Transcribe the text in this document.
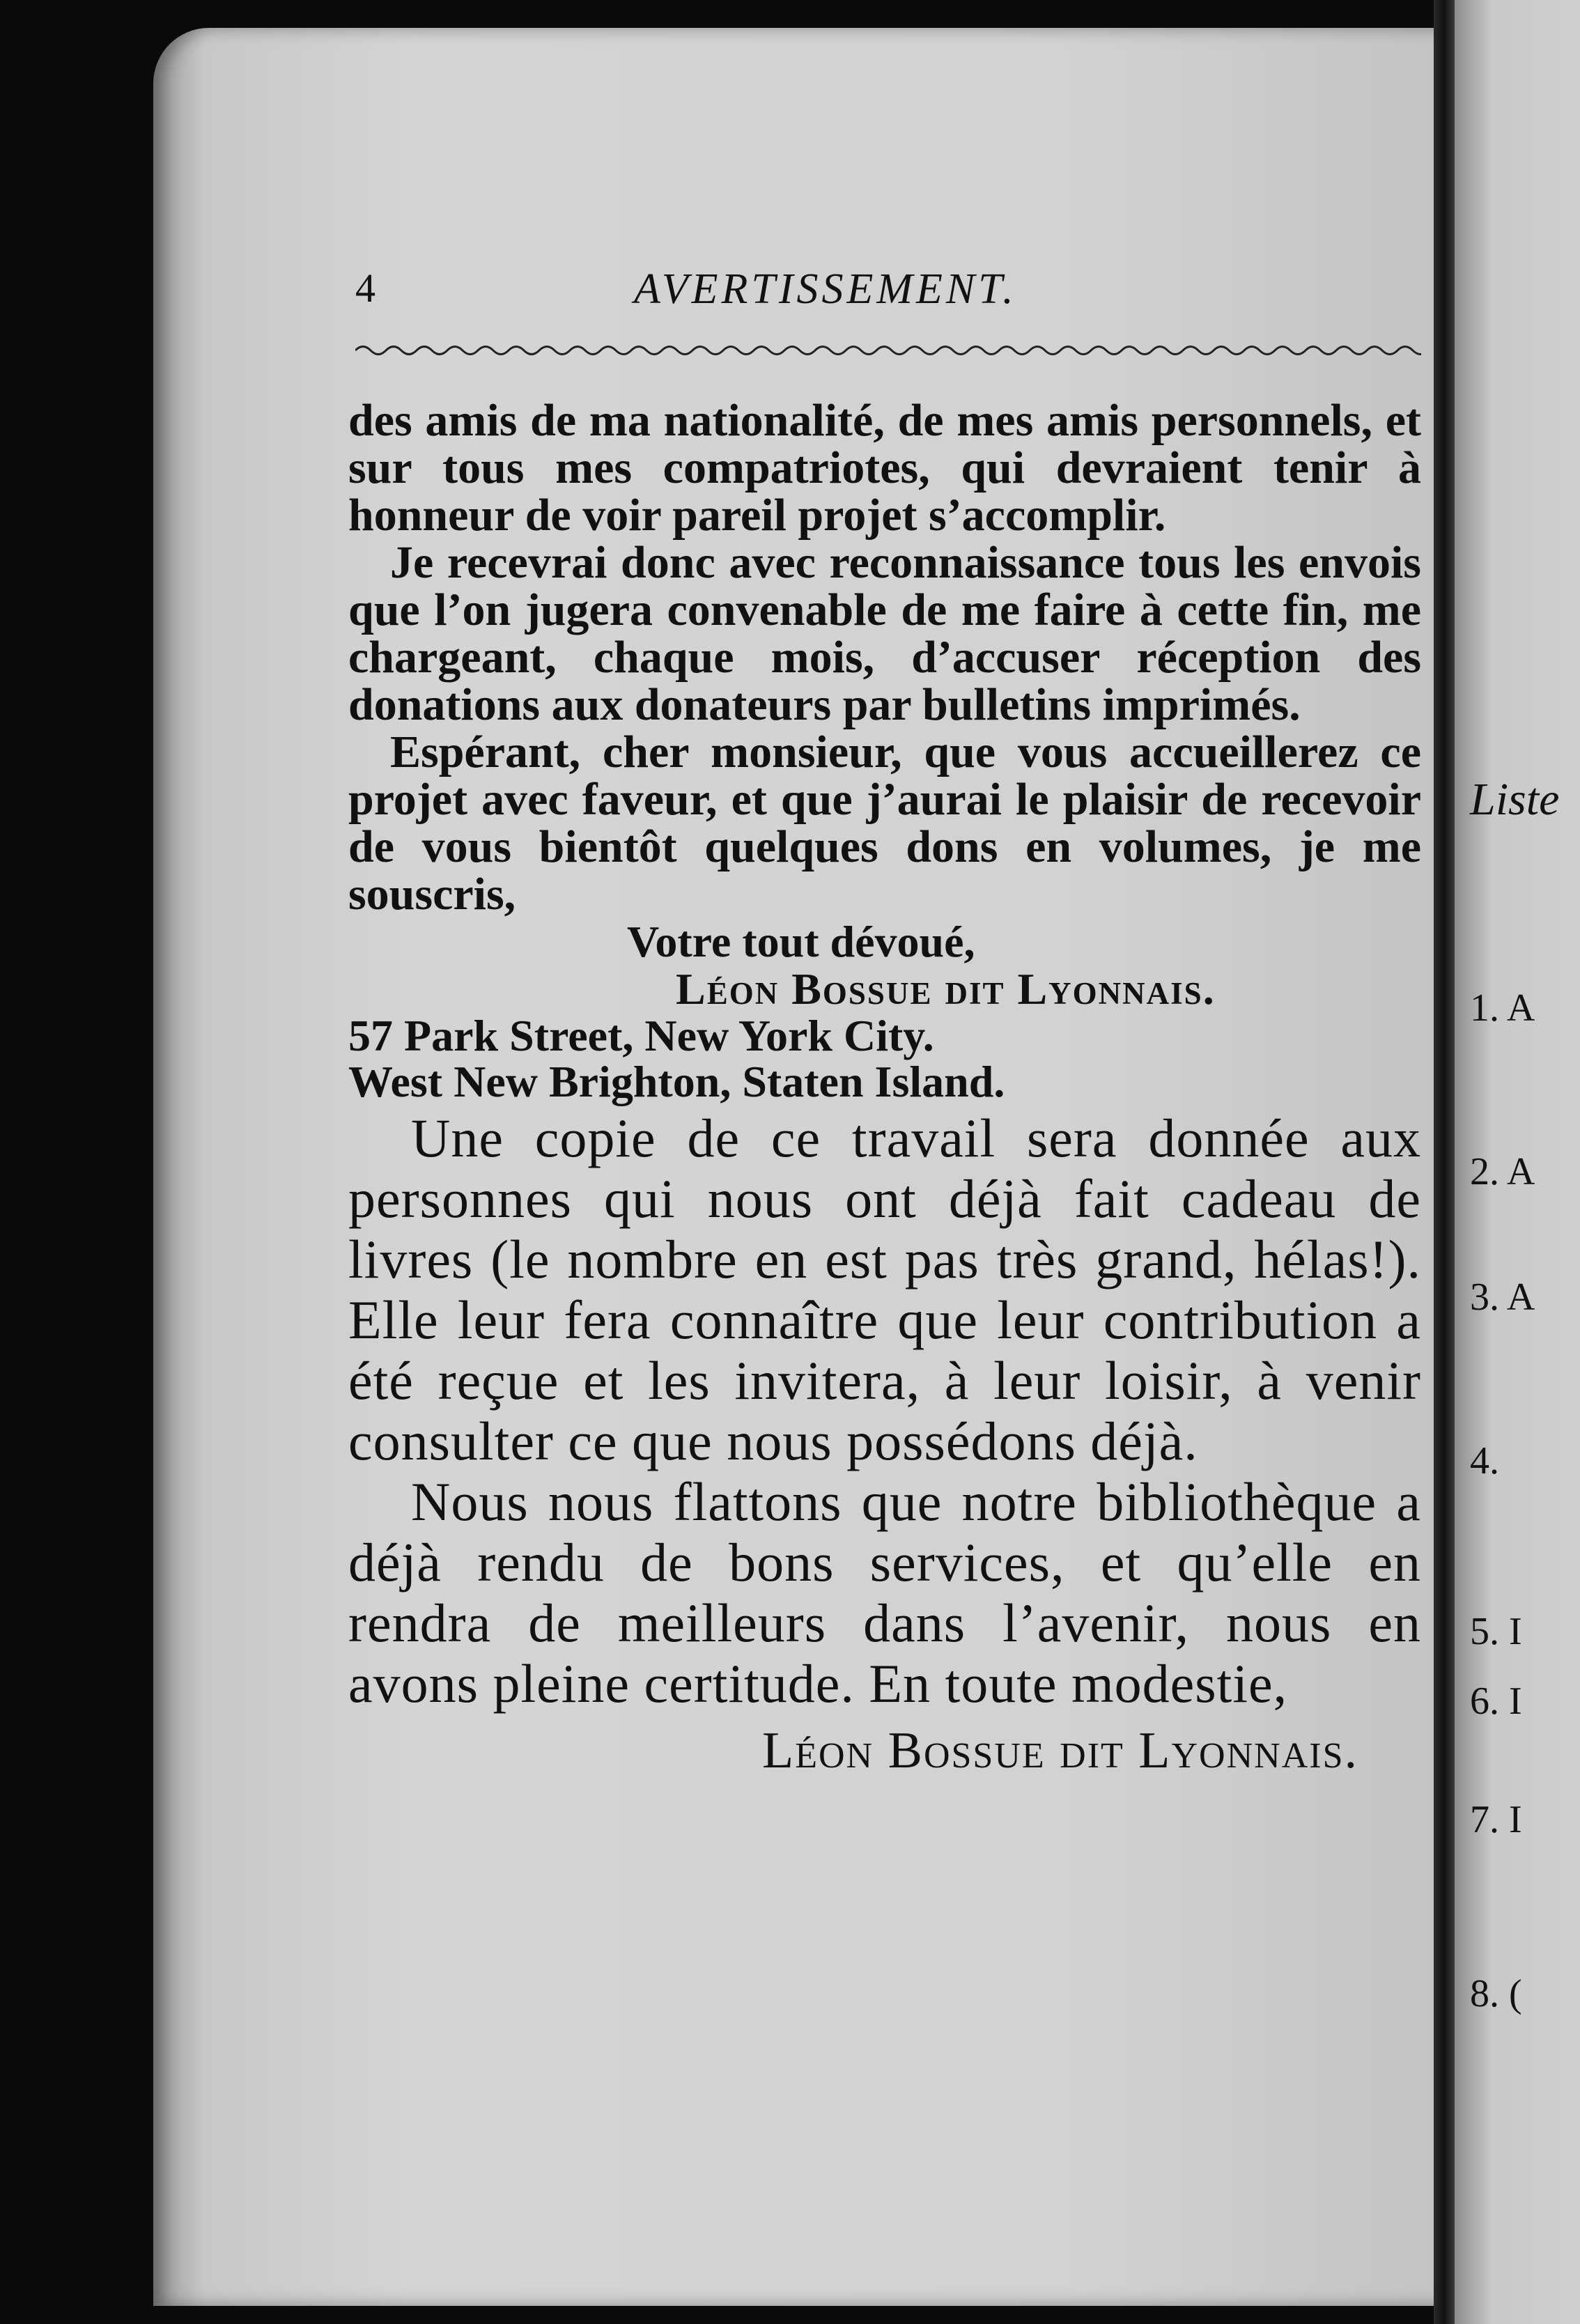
4	AVERTISSEMENT.

des amis de ma nationalité, de mes amis personnels, et sur tous mes compatriotes, qui devraient tenir à honneur de voir pareil projet s’accomplir.

Je recevrai donc avec reconnaissance tous les envois que l’on jugera convenable de me faire à cette fin, me chargeant, chaque mois, d’accuser réception des donations aux donateurs par bulletins imprimés.

Espérant, cher monsieur, que vous accueillerez ce projet avec faveur, et que j’aurai le plaisir de recevoir de vous bientôt quelques dons en volumes, je me souscris,

Votre tout dévoué,

Léon Bossue dit Lyonnais.

57 Park Street, New York City.

West New Brighton, Staten Island.

Une copie de ce travail sera donnée aux personnes qui nous ont déjà fait cadeau de livres (le nombre en est pas très grand, hélas!). Elle leur fera connaître que leur contribution a été reçue et les invitera, à leur loisir, à venir consulter ce que nous possédons déjà.

Nous nous flattons que notre bibliothèque a déjà rendu de bons services, et qu’elle en rendra de meilleurs dans l’avenir, nous en avons pleine certitude. En toute modestie,

Léon Bossue dit Lyonnais.

Liste
1. A
2. A
3. A
4.
5. I
6. I
7. I
8. (
